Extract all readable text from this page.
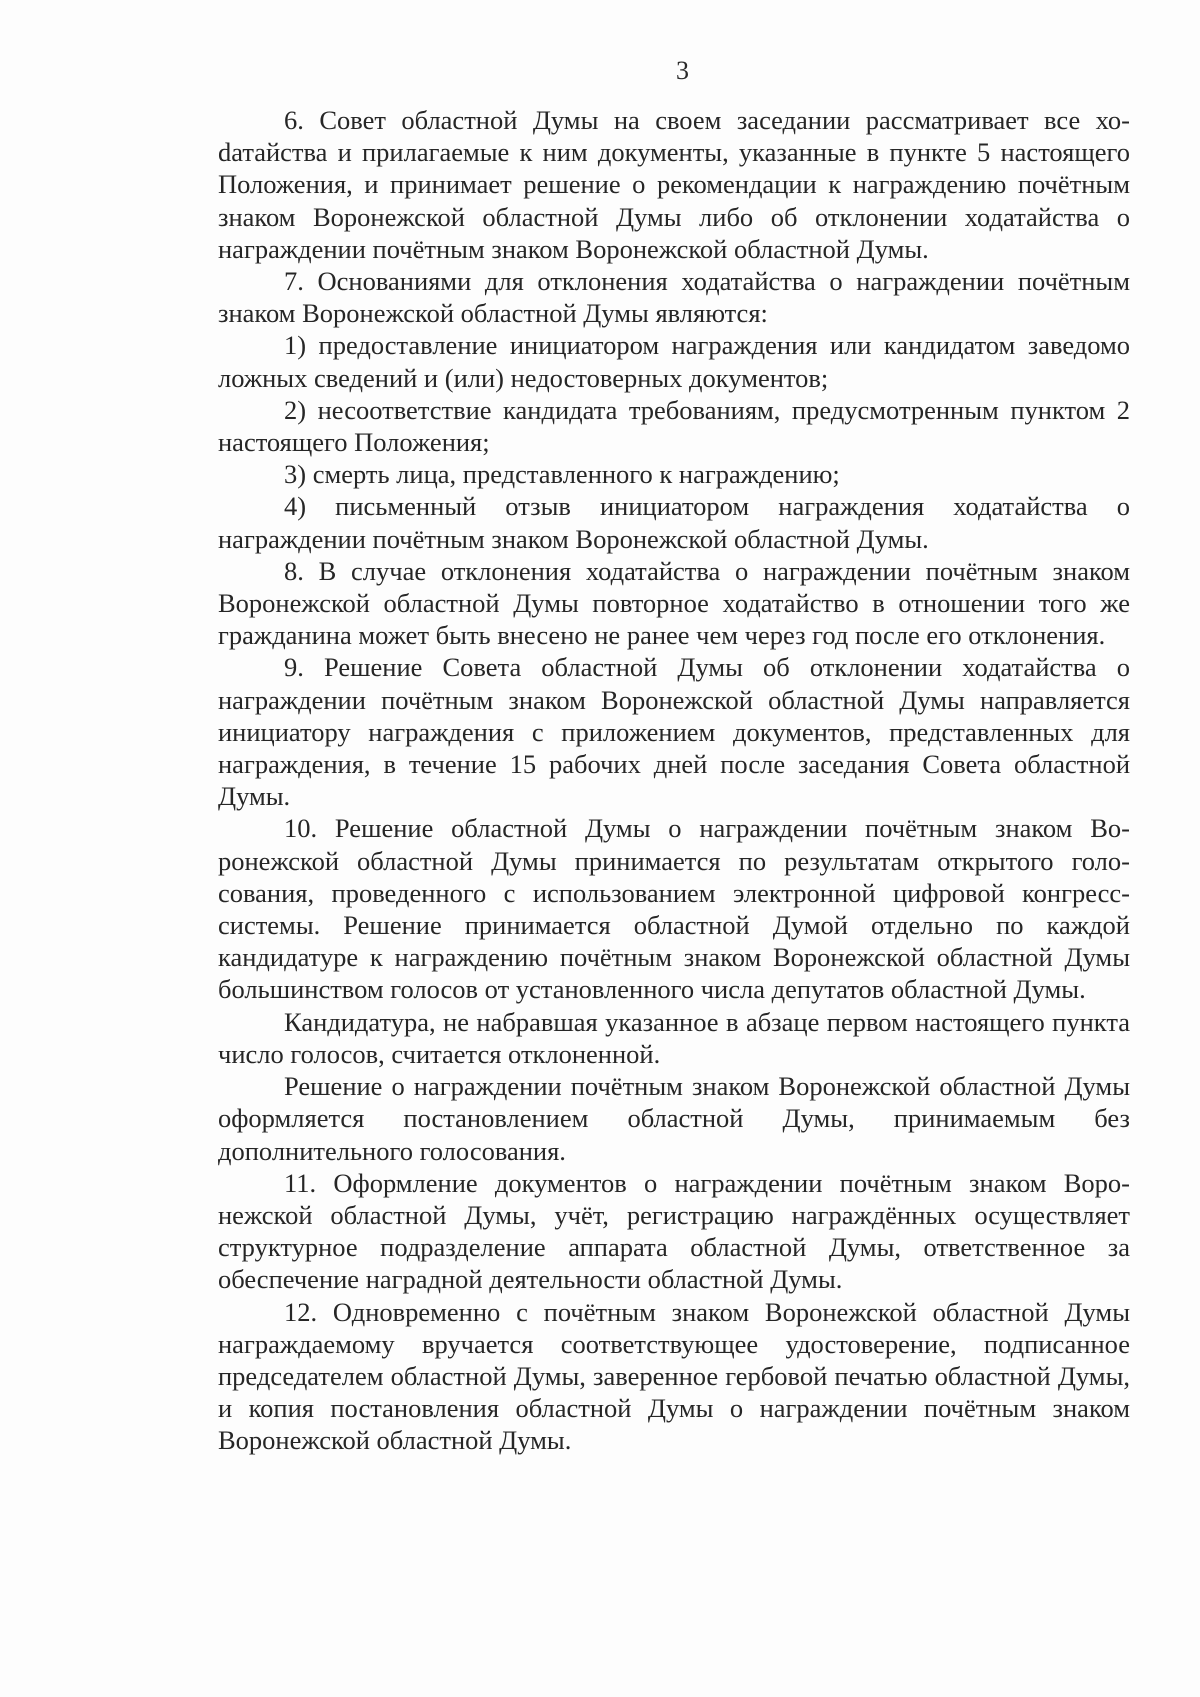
3

6. Совет областной Думы на своем заседании рассматривает все хоdатайства и прилагаемые к ним документы, указанные в пункте 5 настоящего Положения, и принимает решение о рекомендации к награждению почётным знаком Воронежской областной Думы либо об отклонении ходатайства о награждении почётным знаком Воронежской областной Думы.

7. Основаниями для отклонения ходатайства о награждении почётным знаком Воронежской областной Думы являются:

1) предоставление инициатором награждения или кандидатом заведомо ложных сведений и (или) недостоверных документов;

2) несоответствие кандидата требованиям, предусмотренным пунктом 2 настоящего Положения;

3) смерть лица, представленного к награждению;

4) письменный отзыв инициатором награждения ходатайства о награждении почётным знаком Воронежской областной Думы.

8. В случае отклонения ходатайства о награждении почётным знаком Воронежской областной Думы повторное ходатайство в отношении того же гражданина может быть внесено не ранее чем через год после его отклонения.

9. Решение Совета областной Думы об отклонении ходатайства о награждении почётным знаком Воронежской областной Думы направляется инициатору награждения с приложением документов, представленных для награждения, в течение 15 рабочих дней после заседания Совета областной Думы.

10. Решение областной Думы о награждении почётным знаком Воронежской областной Думы принимается по результатам открытого голосования, проведенного с использованием электронной цифровой конгресс-системы. Решение принимается областной Думой отдельно по каждой кандидатуре к награждению почётным знаком Воронежской областной Думы большинством голосов от установленного числа депутатов областной Думы.

Кандидатура, не набравшая указанное в абзаце первом настоящего пункта число голосов, считается отклоненной.

Решение о награждении почётным знаком Воронежской областной Думы оформляется постановлением областной Думы, принимаемым без дополнительного голосования.

11. Оформление документов о награждении почётным знаком Воронежской областной Думы, учёт, регистрацию награждённых осуществляет структурное подразделение аппарата областной Думы, ответственное за обеспечение наградной деятельности областной Думы.

12. Одновременно с почётным знаком Воронежской областной Думы награждаемому вручается соответствующее удостоверение, подписанное председателем областной Думы, заверенное гербовой печатью областной Думы, и копия постановления областной Думы о награждении почётным знаком Воронежской областной Думы.
